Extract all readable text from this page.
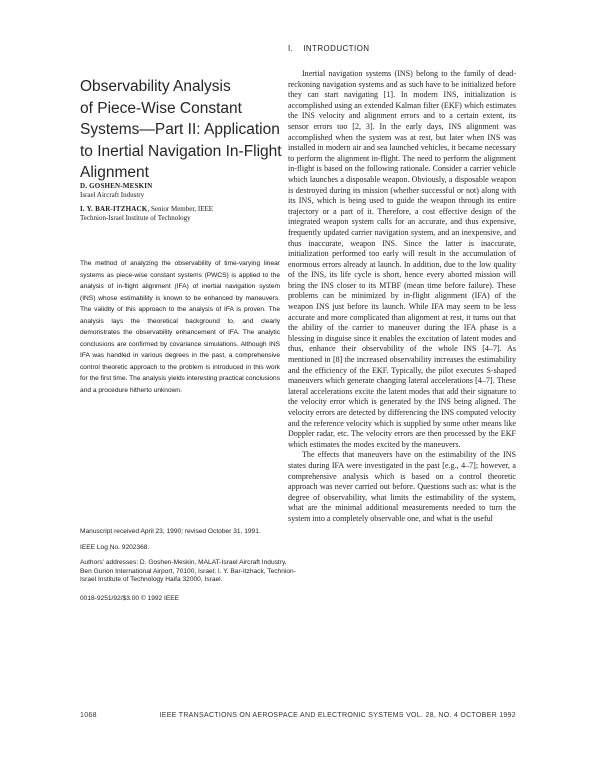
Observability Analysis
of Piece-Wise Constant
Systems—Part II: Application
to Inertial Navigation In-Flight
Alignment
D. GOSHEN-MESKIN
Israel Aircraft Industry
I. Y. BAR-ITZHACK, Senior Member, IEEE
Technion-Israel Institute of Technology

The method of analyzing the observability of time-varying linear systems as piece-wise constant systems (PWCS) is applied to the analysis of in-flight alignment (IFA) of inertial navigation system (INS) whose estimability is known to be enhanced by maneuvers. The validity of this approach to the analysis of IFA is proven. The analysis lays the theoretical background to, and clearly demonstrates the observability enhancement of IFA. The analytic conclusions are confirmed by covariance simulations. Although INS IFA was handled in various degrees in the past, a comprehensive control theoretic approach to the problem is introduced in this work for the first time. The analysis yields interesting practical conclusions and a procedure hitherto unknown.

Manuscript received April 23, 1990; revised October 31, 1991.

IEEE Log No. 9202368.

Authors' addresses: D. Goshen-Meskin, MALAT-Israel Aircraft Industry, Ben Gurion International Airport, 70100, Israel; I. Y. Bar-Itzhack, Technion-Israel Institute of Technology Haifa 32000, Israel.

0018-9251/92/$3.00 © 1992 IEEE

I. INTRODUCTION

Inertial navigation systems (INS) belong to the family of dead-reckoning navigation systems and as such have to be initialized before they can start navigating [1]. In modern INS, initialization is accomplished using an extended Kalman filter (EKF) which estimates the INS velocity and alignment errors and to a certain extent, its sensor errors too [2, 3]. In the early days, INS alignment was accomplished when the system was at rest, but later when INS was installed in modern air and sea launched vehicles, it became necessary to perform the alignment in-flight. The need to perform the alignment in-flight is based on the following rationale. Consider a carrier vehicle which launches a disposable weapon. Obviously, a disposable weapon is destroyed during its mission (whether successful or not) along with its INS, which is being used to guide the weapon through its entire trajectory or a part of it. Therefore, a cost effective design of the integrated weapon system calls for an accurate, and thus expensive, frequently updated carrier navigation system, and an inexpensive, and thus inaccurate, weapon INS. Since the latter is inaccurate, initialization performed too early will result in the accumulation of enormous errors already at launch. In addition, due to the low quality of the INS, its life cycle is short, hence every aborted mission will bring the INS closer to its MTBF (mean time before failure). These problems can be minimized by in-flight alignment (IFA) of the weapon INS just before its launch. While IFA may seem to be less accurate and more complicated than alignment at rest, it turns out that the ability of the carrier to maneuver during the IFA phase is a blessing in disguise since it enables the excitation of latent modes and thus, enhance their observability of the whole INS [4–7]. As mentioned in [8] the increased observability increases the estimability and the efficiency of the EKF. Typically, the pilot executes S-shaped maneuvers which generate changing lateral accelerations [4–7]. These lateral accelerations excite the latent modes that add their signature to the velocity error which is generated by the INS being aligned. The velocity errors are detected by differencing the INS computed velocity and the reference velocity which is supplied by some other means like Doppler radar, etc. The velocity errors are then processed by the EKF which estimates the modes excited by the maneuvers.

The effects that maneuvers have on the estimability of the INS states during IFA were investigated in the past [e.g., 4–7]; however, a comprehensive analysis which is based on a control theoretic approach was never carried out before. Questions such as: what is the degree of observability, what limits the estimability of the system, what are the minimal additional measurements needed to turn the system into a completely observable one, and what is the useful

1068	IEEE TRANSACTIONS ON AEROSPACE AND ELECTRONIC SYSTEMS VOL. 28, NO. 4 OCTOBER 1992
